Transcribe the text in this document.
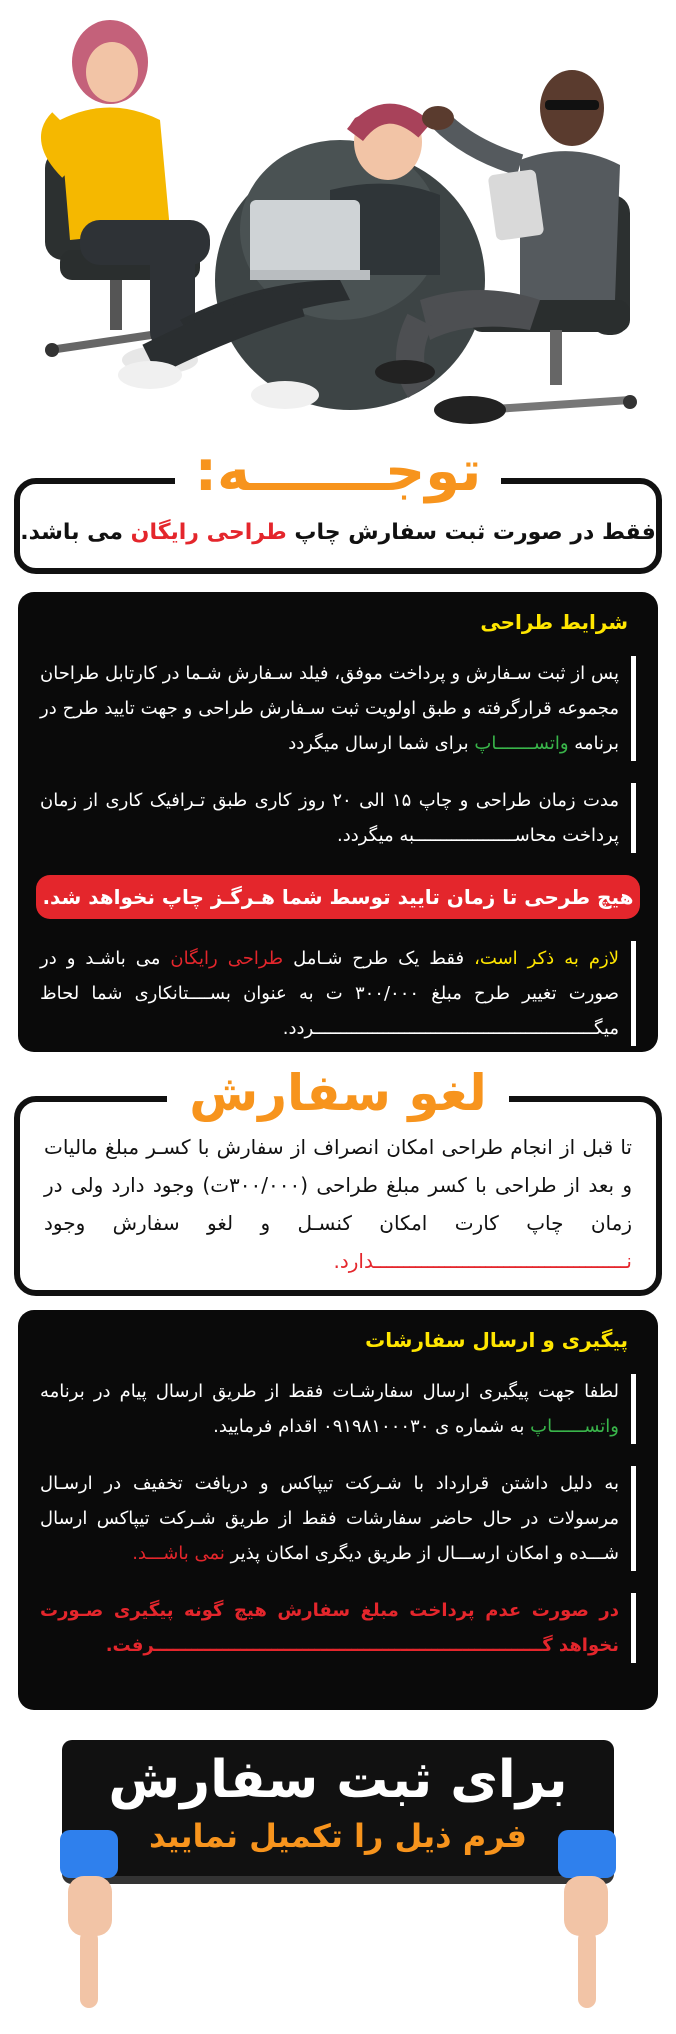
توجـــــــه:
فقط در صورت ثبت سفارش چاپ طراحی رایگان می باشد.
شرایط طراحی
پس از ثبت سـفارش و پرداخت موفق، فیلد سـفارش شـما در کارتابل طراحان مجموعه قرارگرفته و طبق اولویت ثبت سـفارش طراحی و جهت تایید طرح در برنامه واتســـــــاپ برای شما ارسال میگردد
مدت زمان طراحی و چاپ ۱۵ الی ۲۰ روز کاری طبق تـرافیک کاری از زمان پرداخت محاســـــــــــــــــــبه میگردد.
هیچ طرحی تا زمان تایید توسط شما هـرگـز چاپ نخواهد شد.
لازم به ذکر است، فقط یک طرح شـامل طراحی رایگان می باشـد و در صورت تغییر طرح مبلغ ۳۰۰/۰۰۰ ت به عنوان بســــتانکاری شما لحاظ میگـــــــــــــــــــــــــــــــــــــــــــــــــــــردد.
لغو سفارش
تا قبل از انجام طراحی امکان انصراف از سفارش با کسـر مبلغ مالیات و بعد از طراحی با کسر مبلغ طراحی (۳۰۰/۰۰۰ت) وجود دارد ولی در زمان چاپ کارت امکان کنسـل و لغو سفارش وجود نـــــــــــــــــــــــــــــــــــــــــــدارد.
پیگیری و ارسال سفارشات
لطفا جهت پیگیری ارسال سفارشـات فقط از طریق ارسال پیام در برنامه واتســــــاپ به شماره ی ۰۹۱۹۸۱۰۰۰۳۰ اقدام فرمایید.
به دلیل داشتن قرارداد با شـرکت تیپاکس و دریافت تخفیف در ارسـال مرسولات در حال حاضر سفارشات فقط از طریق شـرکت تیپاکس ارسال شـــده و امکان ارســـال از طریق دیگری امکان پذیر نمی باشـــد.
در صورت عدم پرداخت مبلغ سفارش هیچ گونه پیگیری صـورت نخواهد گـــــــــــــــــــــــــــــــــــــــــــــــــــــــــــــــرفت.
برای ثبت سفارش
فرم ذیل را تکمیل نمایید
